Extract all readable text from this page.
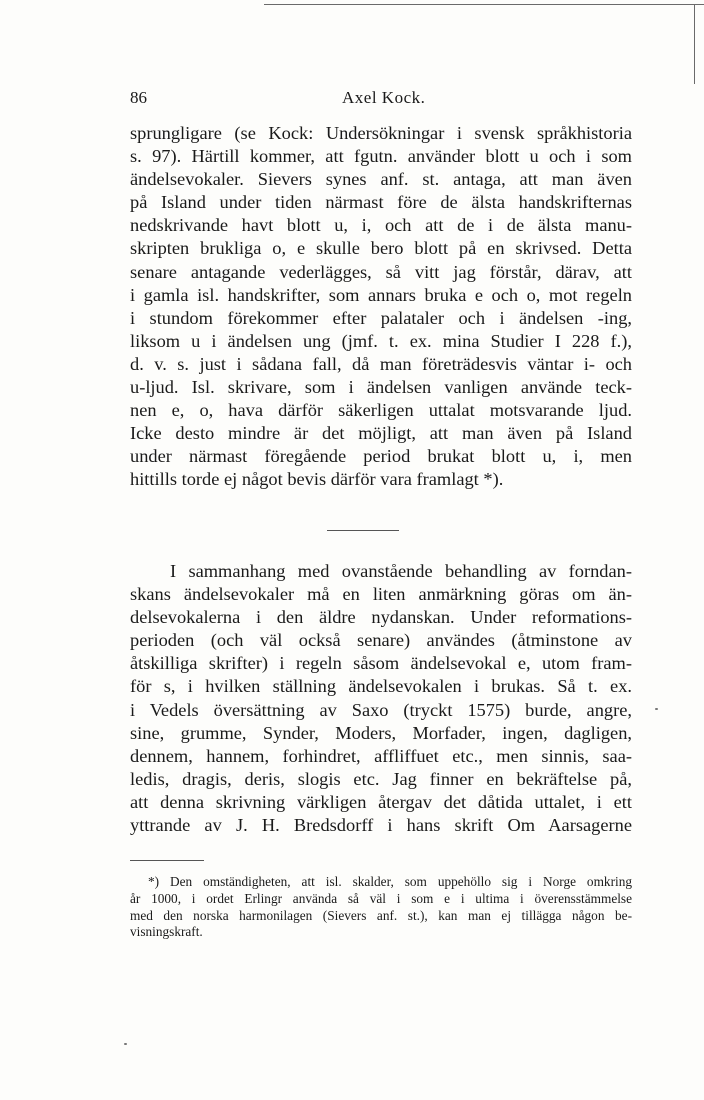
86	Axel Kock.
sprungligare (se Kock: Undersökningar i svensk språkhistoria
s. 97). Härtill kommer, att fgutn. använder blott u och i som
ändelsevokaler. Sievers synes anf. st. antaga, att man även
på Island under tiden närmast före de älsta handskrifternas
nedskrivande havt blott u, i, och att de i de älsta manu-
skripten brukliga o, e skulle bero blott på en skrivsed. Detta
senare antagande vederlägges, så vitt jag förstår, därav, att
i gamla isl. handskrifter, som annars bruka e och o, mot regeln
i stundom förekommer efter palataler och i ändelsen -ing,
liksom u i ändelsen ung (jmf. t. ex. mina Studier I 228 f.),
d. v. s. just i sådana fall, då man företrädesvis väntar i- och
u-ljud. Isl. skrivare, som i ändelsen vanligen använde teck-
nen e, o, hava därför säkerligen uttalat motsvarande ljud.
Icke desto mindre är det möjligt, att man även på Island
under närmast föregående period brukat blott u, i, men
hittills torde ej något bevis därför vara framlagt *).
I sammanhang med ovanstående behandling av forndan-
skans ändelsevokaler må en liten anmärkning göras om än-
delsevokalerna i den äldre nydanskan. Under reformations-
perioden (och väl också senare) användes (åtminstone av
åtskilliga skrifter) i regeln såsom ändelsevokal e, utom fram-
för s, i hvilken ställning ändelsevokalen i brukas. Så t. ex.
i Vedels översättning av Saxo (tryckt 1575) burde, angre,
sine, grumme, Synder, Moders, Morfader, ingen, dagligen,
dennem, hannem, forhindret, affliffuet etc., men sinnis, saa-
ledis, dragis, deris, slogis etc. Jag finner en bekräftelse på,
att denna skrivning värkligen återgav det dåtida uttalet, i ett
yttrande av J. H. Bredsdorff i hans skrift Om Aarsagerne
*) Den omständigheten, att isl. skalder, som uppehöllo sig i Norge omkring
år 1000, i ordet Erlingr använda så väl i som e i ultima i överensstämmelse
med den norska harmonilagen (Sievers anf. st.), kan man ej tillägga någon be-
visningskraft.
